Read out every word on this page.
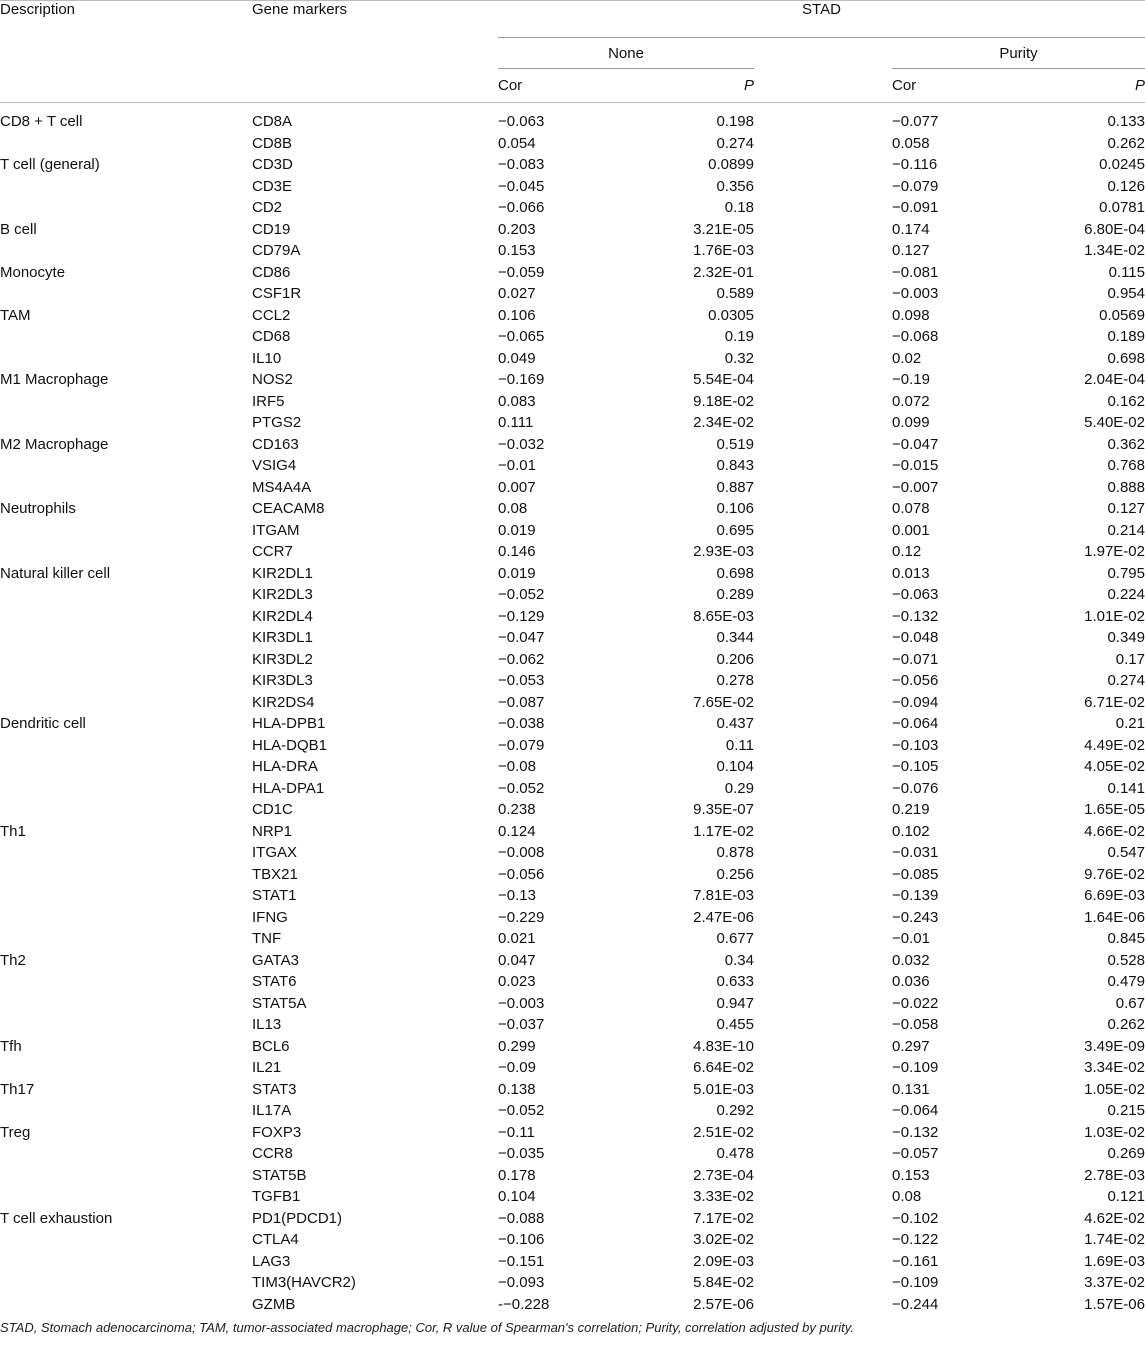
Description	Gene markers	STAD				
		None			Purity	
		Cor	P		Cor	P
CD8 + T cell	CD8A	−0.063	0.198		−0.077	0.133
	CD8B	0.054	0.274		0.058	0.262
T cell (general)	CD3D	−0.083	0.0899		−0.116	0.0245
	CD3E	−0.045	0.356		−0.079	0.126
	CD2	−0.066	0.18		−0.091	0.0781
B cell	CD19	0.203	3.21E-05		0.174	6.80E-04
	CD79A	0.153	1.76E-03		0.127	1.34E-02
Monocyte	CD86	−0.059	2.32E-01		−0.081	0.115
	CSF1R	0.027	0.589		−0.003	0.954
TAM	CCL2	0.106	0.0305		0.098	0.0569
	CD68	−0.065	0.19		−0.068	0.189
	IL10	0.049	0.32		0.02	0.698
M1 Macrophage	NOS2	−0.169	5.54E-04		−0.19	2.04E-04
	IRF5	0.083	9.18E-02		0.072	0.162
	PTGS2	0.111	2.34E-02		0.099	5.40E-02
M2 Macrophage	CD163	−0.032	0.519		−0.047	0.362
	VSIG4	−0.01	0.843		−0.015	0.768
	MS4A4A	0.007	0.887		−0.007	0.888
Neutrophils	CEACAM8	0.08	0.106		0.078	0.127
	ITGAM	0.019	0.695		0.001	0.214
	CCR7	0.146	2.93E-03		0.12	1.97E-02
Natural killer cell	KIR2DL1	0.019	0.698		0.013	0.795
	KIR2DL3	−0.052	0.289		−0.063	0.224
	KIR2DL4	−0.129	8.65E-03		−0.132	1.01E-02
	KIR3DL1	−0.047	0.344		−0.048	0.349
	KIR3DL2	−0.062	0.206		−0.071	0.17
	KIR3DL3	−0.053	0.278		−0.056	0.274
	KIR2DS4	−0.087	7.65E-02		−0.094	6.71E-02
Dendritic cell	HLA-DPB1	−0.038	0.437		−0.064	0.21
	HLA-DQB1	−0.079	0.11		−0.103	4.49E-02
	HLA-DRA	−0.08	0.104		−0.105	4.05E-02
	HLA-DPA1	−0.052	0.29		−0.076	0.141
	CD1C	0.238	9.35E-07		0.219	1.65E-05
Th1	NRP1	0.124	1.17E-02		0.102	4.66E-02
	ITGAX	−0.008	0.878		−0.031	0.547
	TBX21	−0.056	0.256		−0.085	9.76E-02
	STAT1	−0.13	7.81E-03		−0.139	6.69E-03
	IFNG	−0.229	2.47E-06		−0.243	1.64E-06
	TNF	0.021	0.677		−0.01	0.845
Th2	GATA3	0.047	0.34		0.032	0.528
	STAT6	0.023	0.633		0.036	0.479
	STAT5A	−0.003	0.947		−0.022	0.67
	IL13	−0.037	0.455		−0.058	0.262
Tfh	BCL6	0.299	4.83E-10		0.297	3.49E-09
	IL21	−0.09	6.64E-02		−0.109	3.34E-02
Th17	STAT3	0.138	5.01E-03		0.131	1.05E-02
	IL17A	−0.052	0.292		−0.064	0.215
Treg	FOXP3	−0.11	2.51E-02		−0.132	1.03E-02
	CCR8	−0.035	0.478		−0.057	0.269
	STAT5B	0.178	2.73E-04		0.153	2.78E-03
	TGFB1	0.104	3.33E-02		0.08	0.121
T cell exhaustion	PD1(PDCD1)	−0.088	7.17E-02		−0.102	4.62E-02
	CTLA4	−0.106	3.02E-02		−0.122	1.74E-02
	LAG3	−0.151	2.09E-03		−0.161	1.69E-03
	TIM3(HAVCR2)	−0.093	5.84E-02		−0.109	3.37E-02
	GZMB	-−0.228	2.57E-06		−0.244	1.57E-06
STAD, Stomach adenocarcinoma; TAM, tumor-associated macrophage; Cor, R value of Spearman's correlation; Purity, correlation adjusted by purity.
